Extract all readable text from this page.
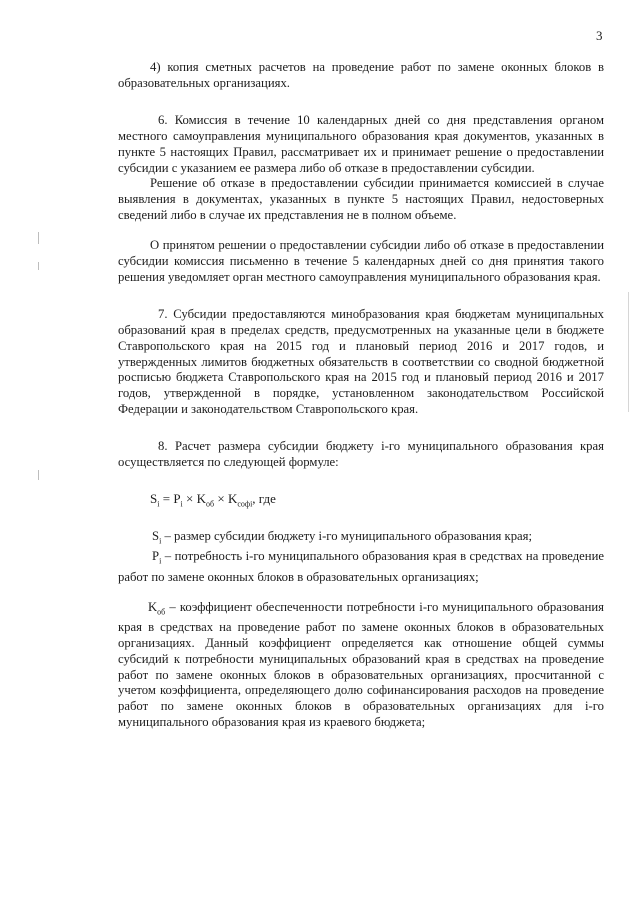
3

4) копия сметных расчетов на проведение работ по замене оконных блоков в образовательных организациях.

6. Комиссия в течение 10 календарных дней со дня представления органом местного самоуправления муниципального образования края документов, указанных в пункте 5 настоящих Правил, рассматривает их и принимает решение о предоставлении субсидии с указанием ее размера либо об отказе в предоставлении субсидии.

Решение об отказе в предоставлении субсидии принимается комиссией в случае выявления в документах, указанных в пункте 5 настоящих Правил, недостоверных сведений либо в случае их представления не в полном объеме.

О принятом решении о предоставлении субсидии либо об отказе в предоставлении субсидии комиссия письменно в течение 5 календарных дней со дня принятия такого решения уведомляет орган местного самоуправления муниципального образования края.

7. Субсидии предоставляются минобразования края бюджетам муниципальных образований края в пределах средств, предусмотренных на указанные цели в бюджете Ставропольского края на 2015 год и плановый период 2016 и 2017 годов, и утвержденных лимитов бюджетных обязательств в соответствии со сводной бюджетной росписью бюджета Ставропольского края на 2015 год и плановый период 2016 и 2017 годов, утвержденной в порядке, установленном законодательством Российской Федерации и законодательством Ставропольского края.

8. Расчет размера субсидии бюджету i-го муниципального образования края осуществляется по следующей формуле:

$S_i = P_i \times K_{об} \times K_{софi}$, где

$S_i$ – размер субсидии бюджету i-го муниципального образования края;

$P_i$ – потребность i-го муниципального образования края в средствах на проведение работ по замене оконных блоков в образовательных организациях;

$K_{об}$ – коэффициент обеспеченности потребности i-го муниципального образования края в средствах на проведение работ по замене оконных блоков в образовательных организациях. Данный коэффициент определяется как отношение общей суммы субсидий к потребности муниципальных образований края в средствах на проведение работ по замене оконных блоков в образовательных организациях, просчитанной с учетом коэффициента, определяющего долю софинансирования расходов на проведение работ по замене оконных блоков в образовательных организациях для i-го муниципального образования края из краевого бюджета;
